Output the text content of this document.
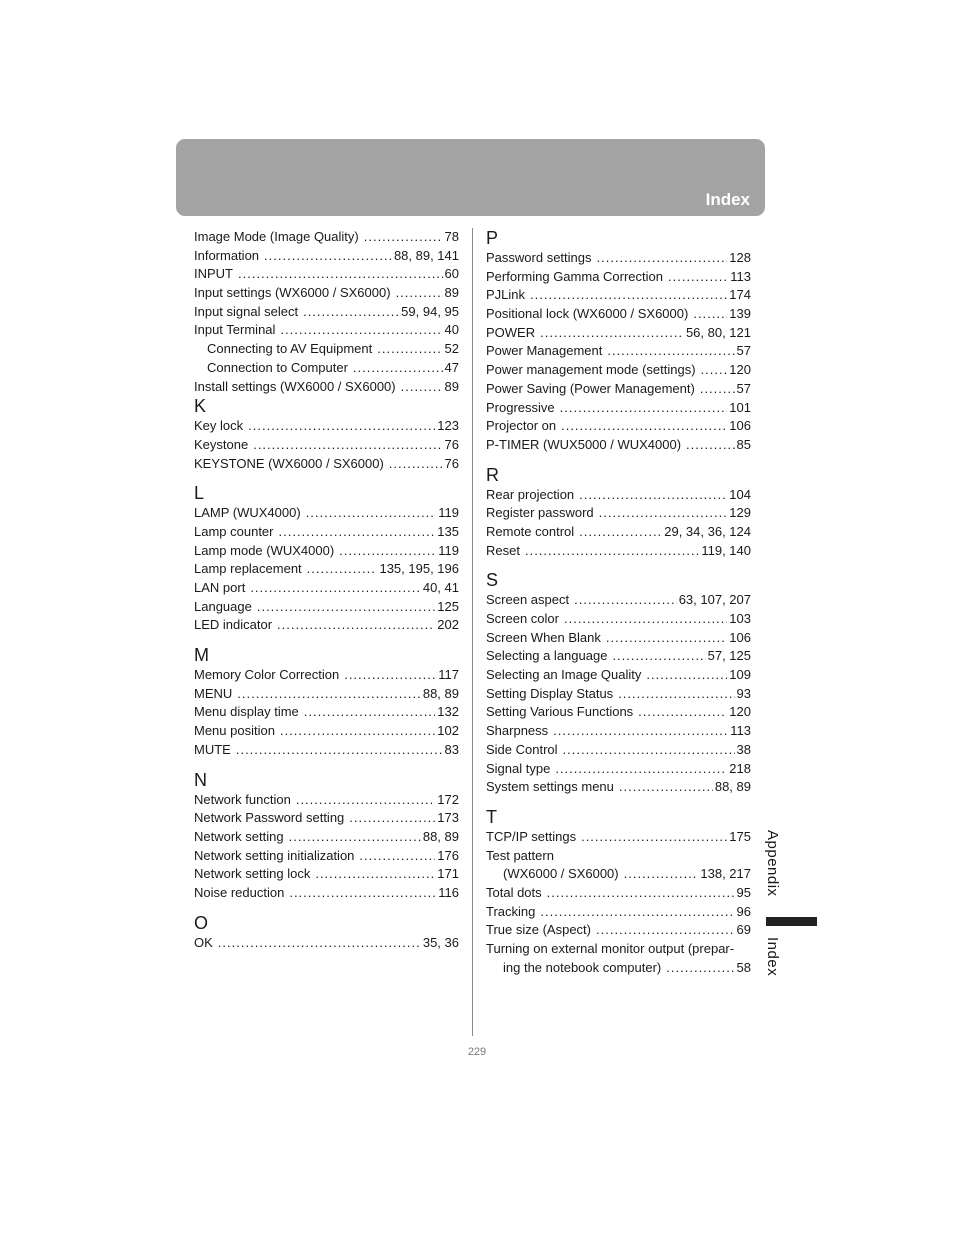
Index
Image Mode (Image Quality) .....	78
Information .....	88, 89, 141
INPUT .....	60
Input settings (WX6000 / SX6000) .....	89
Input signal select .....	59, 94, 95
Input Terminal .....	40
Connecting to AV Equipment .....	52
Connection to Computer .....	47
Install settings (WX6000 / SX6000) .....	89
K
Key lock .....	123
Keystone .....	76
KEYSTONE (WX6000 / SX6000) .....	76
L
LAMP (WUX4000) .....	119
Lamp counter .....	135
Lamp mode (WUX4000) .....	119
Lamp replacement .....	135, 195, 196
LAN port .....	40, 41
Language .....	125
LED indicator .....	202
M
Memory Color Correction .....	117
MENU .....	88, 89
Menu display time .....	132
Menu position .....	102
MUTE .....	83
N
Network function .....	172
Network Password setting .....	173
Network setting .....	88, 89
Network setting initialization .....	176
Network setting lock .....	171
Noise reduction .....	116
O
OK .....	35, 36
P
Password settings .....	128
Performing Gamma Correction .....	113
PJLink .....	174
Positional lock (WX6000 / SX6000) .....	139
POWER .....	56, 80, 121
Power Management .....	57
Power management mode (settings) .....	120
Power Saving (Power Management) .....	57
Progressive .....	101
Projector on .....	106
P-TIMER (WUX5000 / WUX4000) .....	85
R
Rear projection .....	104
Register password .....	129
Remote control .....	29, 34, 36, 124
Reset .....	119, 140
S
Screen aspect .....	63, 107, 207
Screen color .....	103
Screen When Blank .....	106
Selecting a language .....	57, 125
Selecting an Image Quality .....	109
Setting Display Status .....	93
Setting Various Functions .....	120
Sharpness .....	113
Side Control .....	38
Signal type .....	218
System settings menu .....	88, 89
T
TCP/IP settings .....	175
Test pattern
(WX6000 / SX6000) .....	138, 217
Total dots .....	95
Tracking .....	96
True size (Aspect) .....	69
Turning on external monitor output (prepar-
ing the notebook computer) .....	58
Appendix
Index
229
